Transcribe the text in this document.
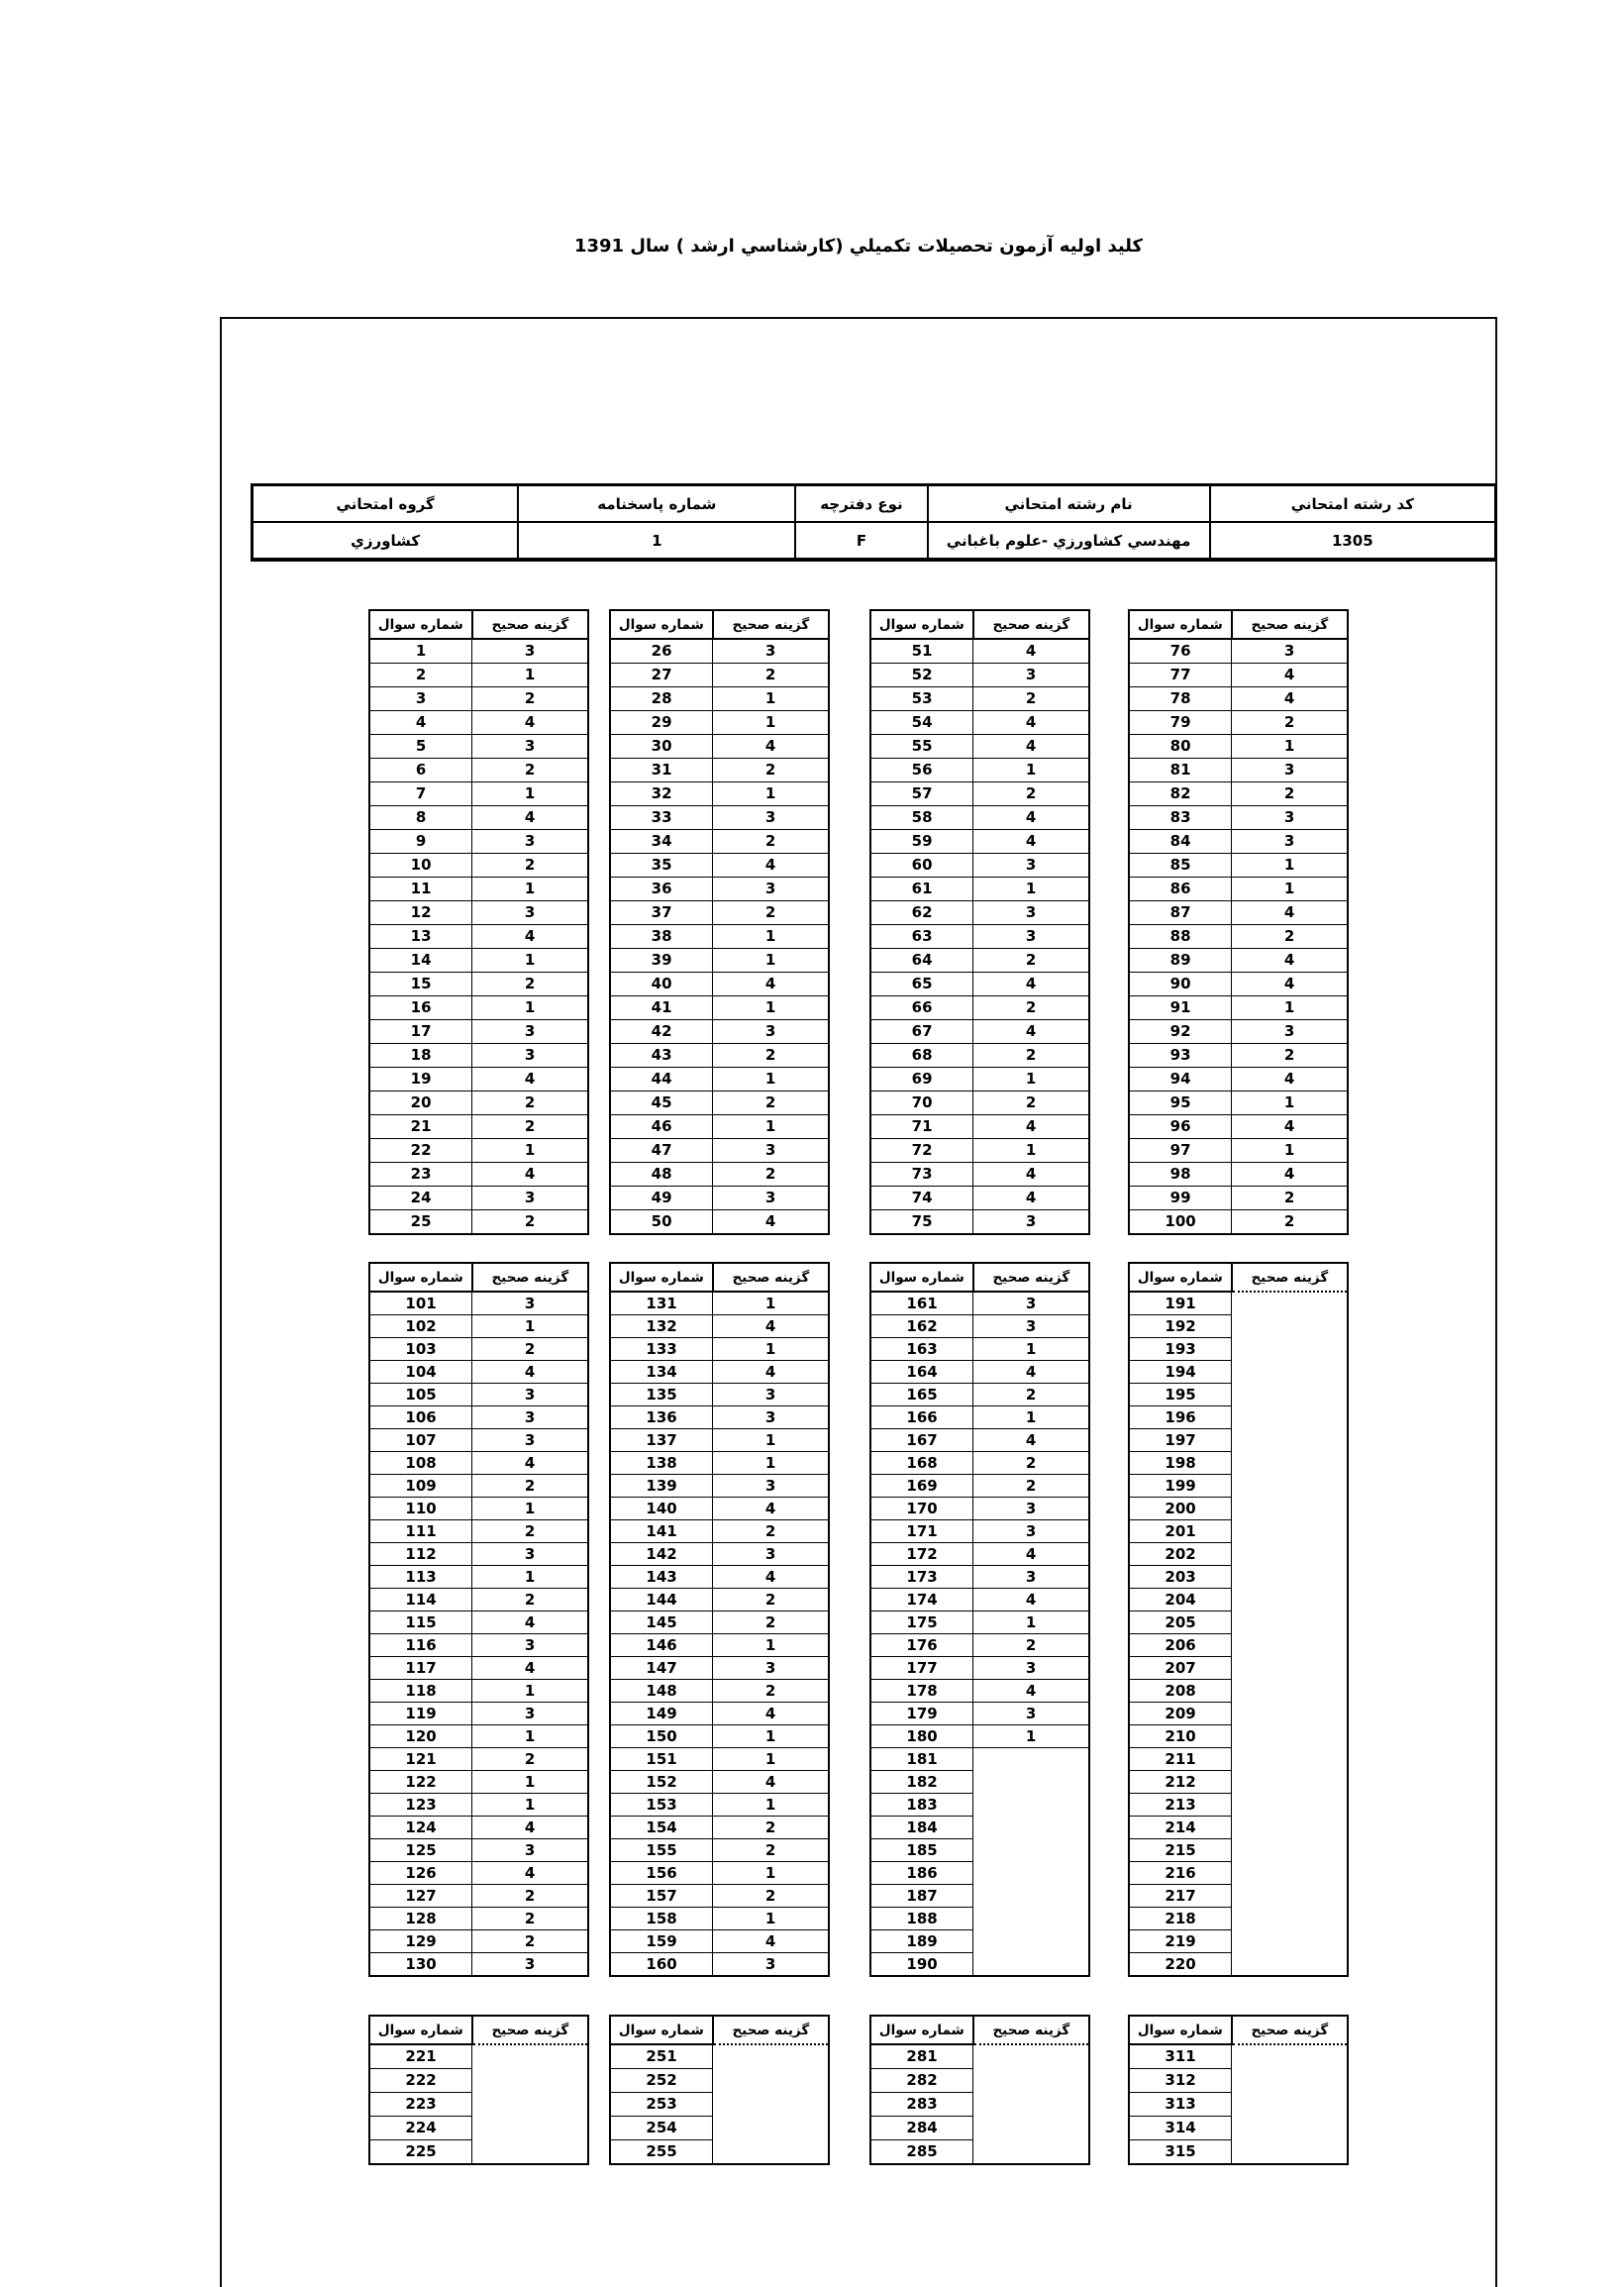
کلید اولیه آزمون تحصیلات تکمیلي (کارشناسي ارشد ) سال 1391
کد رشته امتحاني	نام رشته امتحاني	نوع دفترچه	شماره پاسخنامه	گروه امتحاني
1305	مهندسي کشاورزي -علوم باغباني	F	1	کشاورزي
شماره سوال	گزینه صحیح
1	3
2	1
3	2
4	4
5	3
6	2
7	1
8	4
9	3
10	2
11	1
12	3
13	4
14	1
15	2
16	1
17	3
18	3
19	4
20	2
21	2
22	1
23	4
24	3
25	2
شماره سوال	گزینه صحیح
26	3
27	2
28	1
29	1
30	4
31	2
32	1
33	3
34	2
35	4
36	3
37	2
38	1
39	1
40	4
41	1
42	3
43	2
44	1
45	2
46	1
47	3
48	2
49	3
50	4
شماره سوال	گزینه صحیح
51	4
52	3
53	2
54	4
55	4
56	1
57	2
58	4
59	4
60	3
61	1
62	3
63	3
64	2
65	4
66	2
67	4
68	2
69	1
70	2
71	4
72	1
73	4
74	4
75	3
شماره سوال	گزینه صحیح
76	3
77	4
78	4
79	2
80	1
81	3
82	2
83	3
84	3
85	1
86	1
87	4
88	2
89	4
90	4
91	1
92	3
93	2
94	4
95	1
96	4
97	1
98	4
99	2
100	2
شماره سوال	گزینه صحیح
101	3
102	1
103	2
104	4
105	3
106	3
107	3
108	4
109	2
110	1
111	2
112	3
113	1
114	2
115	4
116	3
117	4
118	1
119	3
120	1
121	2
122	1
123	1
124	4
125	3
126	4
127	2
128	2
129	2
130	3
شماره سوال	گزینه صحیح
131	1
132	4
133	1
134	4
135	3
136	3
137	1
138	1
139	3
140	4
141	2
142	3
143	4
144	2
145	2
146	1
147	3
148	2
149	4
150	1
151	1
152	4
153	1
154	2
155	2
156	1
157	2
158	1
159	4
160	3
شماره سوال	گزینه صحیح
161	3
162	3
163	1
164	4
165	2
166	1
167	4
168	2
169	2
170	3
171	3
172	4
173	3
174	4
175	1
176	2
177	3
178	4
179	3
180	1
181	
182	
183	
184	
185	
186	
187	
188	
189	
190	
شماره سوال	گزینه صحیح
191	
192	
193	
194	
195	
196	
197	
198	
199	
200	
201	
202	
203	
204	
205	
206	
207	
208	
209	
210	
211	
212	
213	
214	
215	
216	
217	
218	
219	
220	
شماره سوال	گزینه صحیح
221	
222	
223	
224	
225	
شماره سوال	گزینه صحیح
251	
252	
253	
254	
255	
شماره سوال	گزینه صحیح
281	
282	
283	
284	
285	
شماره سوال	گزینه صحیح
311	
312	
313	
314	
315	
